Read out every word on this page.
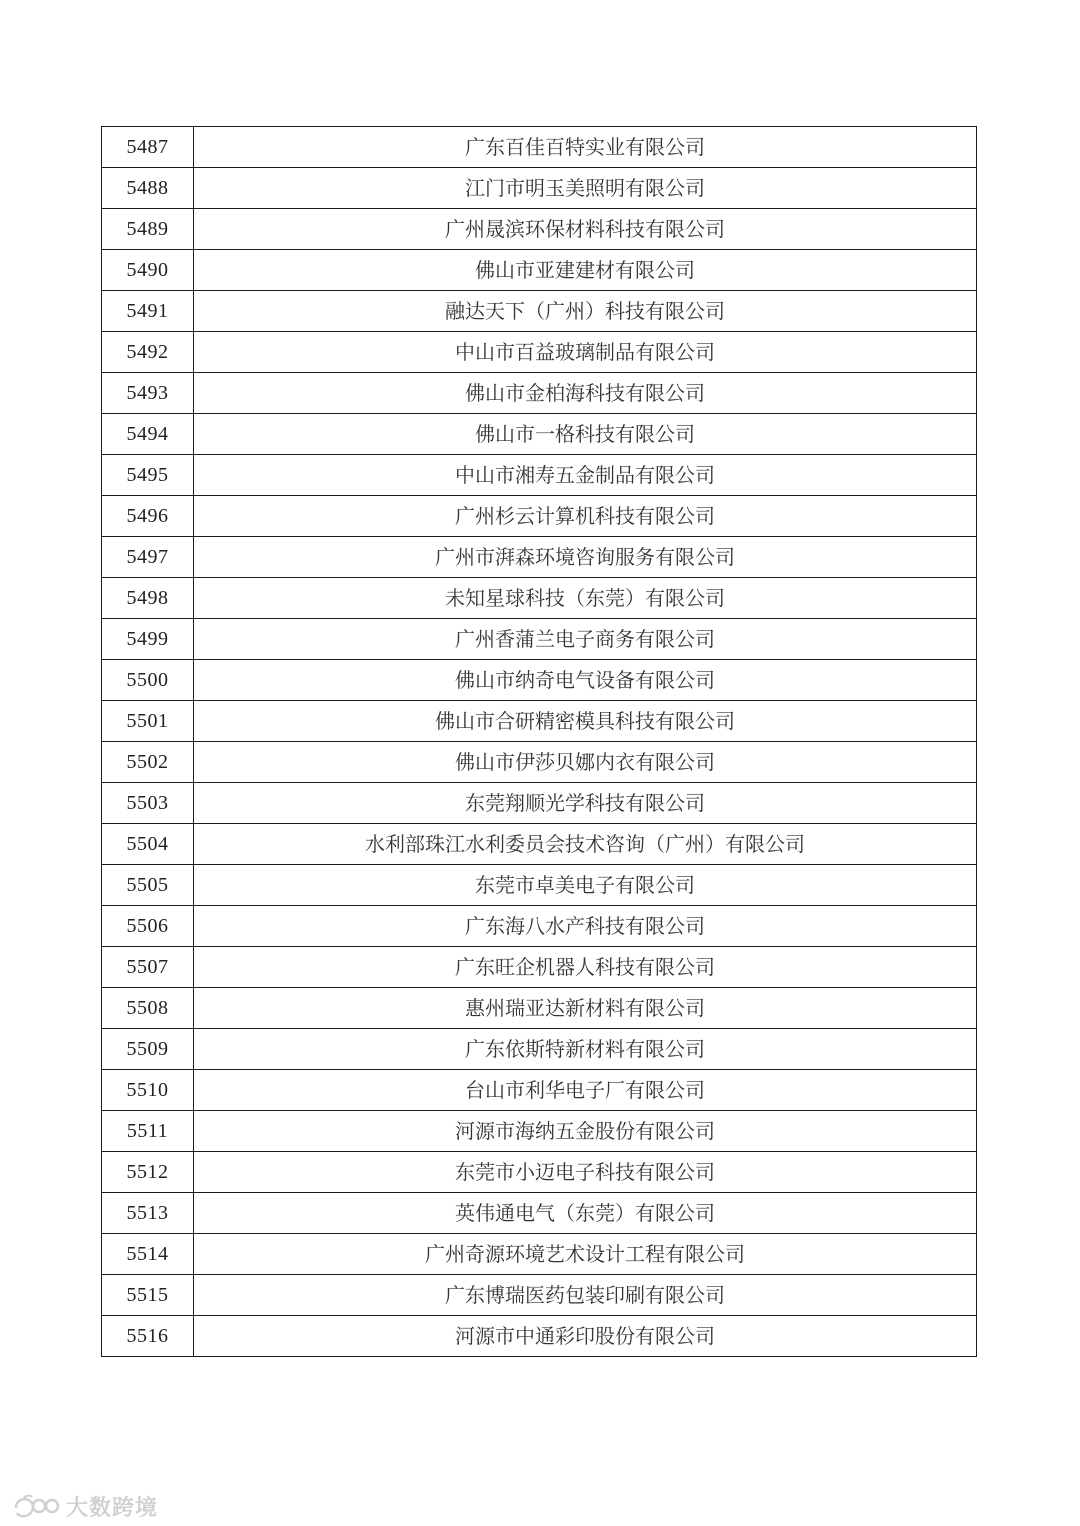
5487	广东百佳百特实业有限公司
5488	江门市明玉美照明有限公司
5489	广州晟滨环保材料科技有限公司
5490	佛山市亚建建材有限公司
5491	融达天下（广州）科技有限公司
5492	中山市百益玻璃制品有限公司
5493	佛山市金柏海科技有限公司
5494	佛山市一格科技有限公司
5495	中山市湘寿五金制品有限公司
5496	广州杉云计算机科技有限公司
5497	广州市湃森环境咨询服务有限公司
5498	未知星球科技（东莞）有限公司
5499	广州香蒲兰电子商务有限公司
5500	佛山市纳奇电气设备有限公司
5501	佛山市合研精密模具科技有限公司
5502	佛山市伊莎贝娜内衣有限公司
5503	东莞翔顺光学科技有限公司
5504	水利部珠江水利委员会技术咨询（广州）有限公司
5505	东莞市卓美电子有限公司
5506	广东海八水产科技有限公司
5507	广东旺企机器人科技有限公司
5508	惠州瑞亚达新材料有限公司
5509	广东依斯特新材料有限公司
5510	台山市利华电子厂有限公司
5511	河源市海纳五金股份有限公司
5512	东莞市小迈电子科技有限公司
5513	英伟通电气（东莞）有限公司
5514	广州奇源环境艺术设计工程有限公司
5515	广东博瑞医药包装印刷有限公司
5516	河源市中通彩印股份有限公司
大数跨境
